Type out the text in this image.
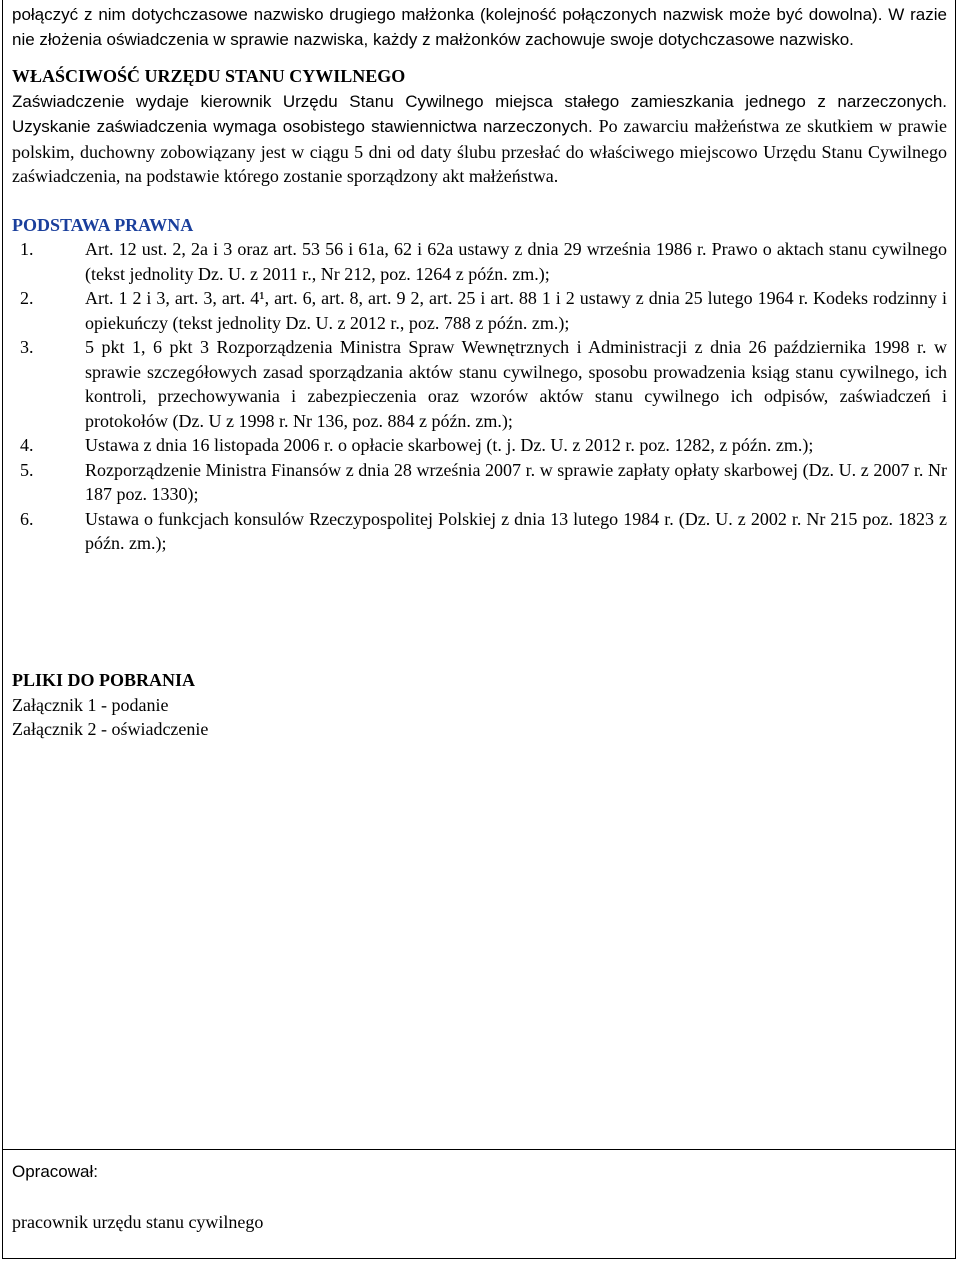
połączyć z nim dotychczasowe nazwisko drugiego małżonka (kolejność połączonych nazwisk może być dowolna). W razie nie złożenia oświadczenia w sprawie nazwiska, każdy z małżonków zachowuje swoje dotychczasowe nazwisko.

WŁAŚCIWOŚĆ URZĘDU STANU CYWILNEGO

Zaświadczenie wydaje kierownik Urzędu Stanu Cywilnego miejsca stałego zamieszkania jednego z narzeczonych. Uzyskanie zaświadczenia wymaga osobistego stawiennictwa narzeczonych. Po zawarciu małżeństwa ze skutkiem w prawie polskim, duchowny zobowiązany jest w ciągu 5 dni od daty ślubu przesłać do właściwego miejscowo Urzędu Stanu Cywilnego zaświadczenia, na podstawie którego zostanie sporządzony akt małżeństwa.

PODSTAWA PRAWNA
1.	Art. 12 ust. 2, 2a i 3 oraz art. 53 56 i 61a, 62 i 62a ustawy z dnia 29 września 1986 r. Prawo o aktach stanu cywilnego (tekst jednolity Dz. U. z 2011 r., Nr 212, poz. 1264 z późn. zm.);
2.	Art. 1 2 i 3, art. 3, art. 4¹, art. 6, art. 8, art. 9 2, art. 25 i art. 88 1 i 2 ustawy z dnia 25 lutego 1964 r. Kodeks rodzinny i opiekuńczy (tekst jednolity Dz. U. z 2012 r., poz. 788 z późn. zm.);
3.	5 pkt 1, 6 pkt 3 Rozporządzenia Ministra Spraw Wewnętrznych i Administracji z dnia 26 października 1998 r. w sprawie szczegółowych zasad sporządzania aktów stanu cywilnego, sposobu prowadzenia ksiąg stanu cywilnego, ich kontroli, przechowywania i zabezpieczenia oraz wzorów aktów stanu cywilnego ich odpisów, zaświadczeń i protokołów (Dz. U z 1998 r. Nr 136, poz. 884 z późn. zm.);
4.	Ustawa z dnia 16 listopada 2006 r. o opłacie skarbowej (t. j. Dz. U. z 2012 r. poz. 1282, z późn. zm.);
5.	Rozporządzenie Ministra Finansów z dnia 28 września 2007 r. w sprawie zapłaty opłaty skarbowej (Dz. U. z 2007 r. Nr 187 poz. 1330);
6.	Ustawa o funkcjach konsulów Rzeczypospolitej Polskiej z dnia 13 lutego 1984 r. (Dz. U. z 2002 r. Nr 215 poz. 1823 z późn. zm.);
PLIKI DO POBRANIA
Załącznik 1 - podanie
Załącznik 2 - oświadczenie
Opracował:
pracownik urzędu stanu cywilnego
